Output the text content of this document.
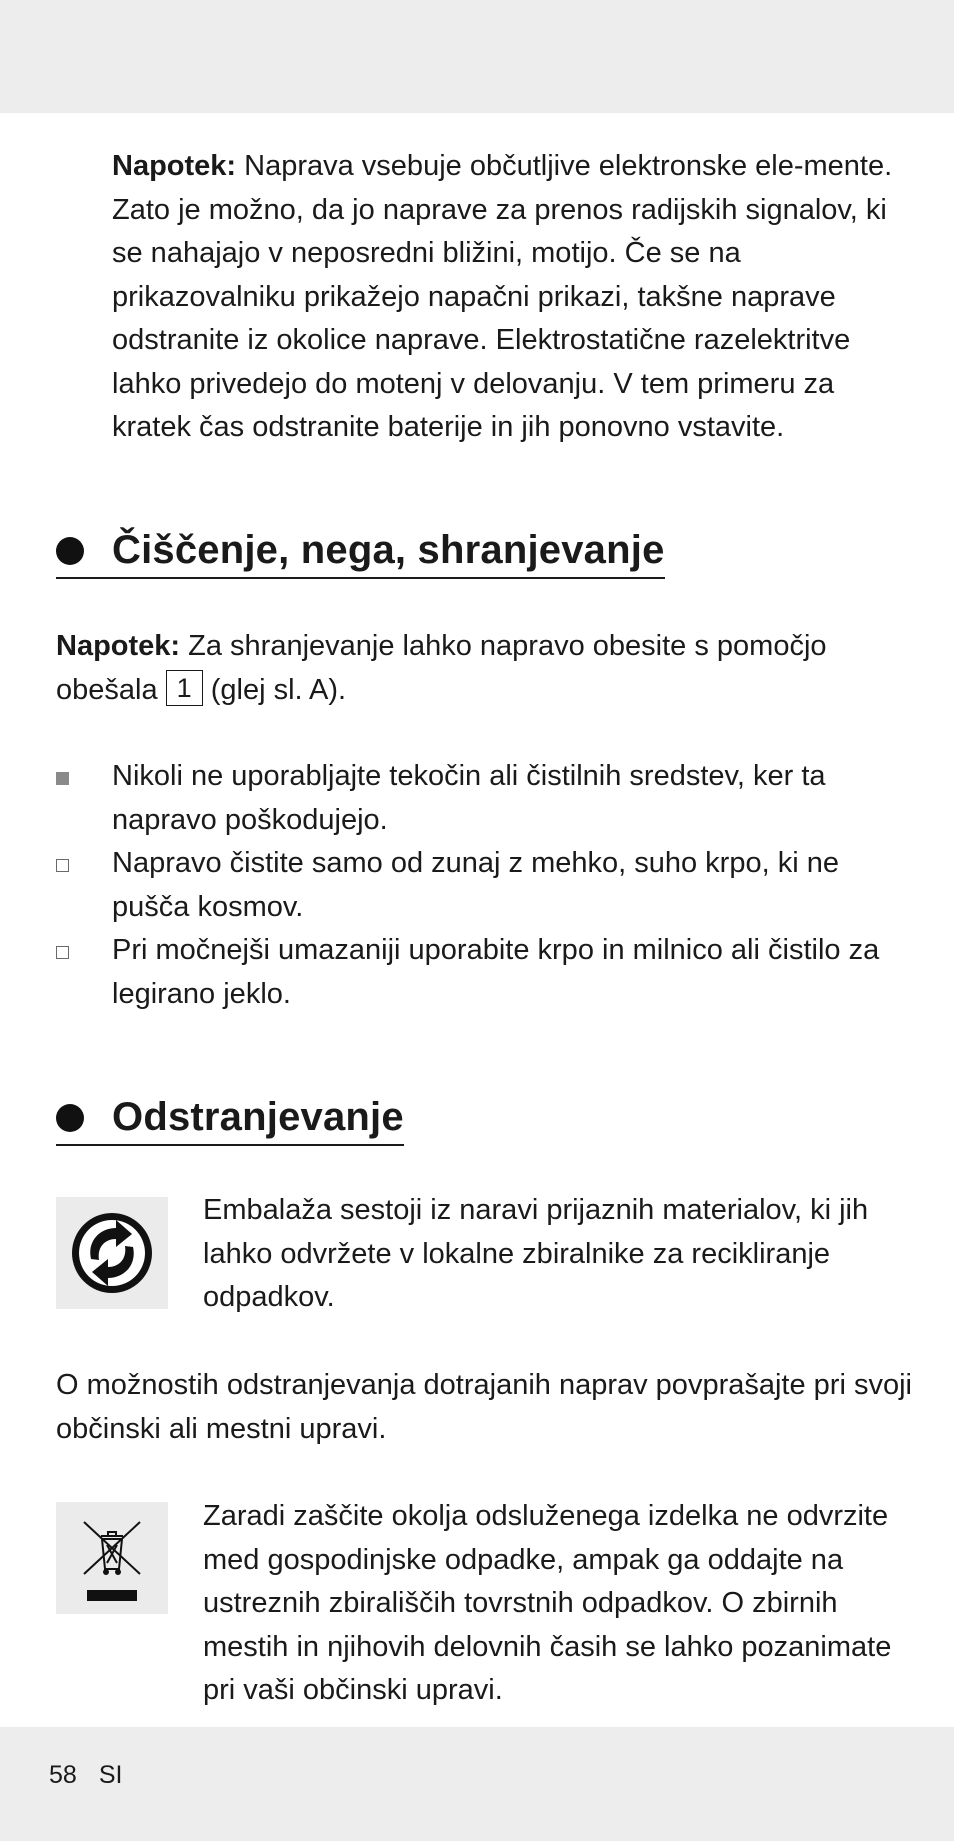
Napotek: Naprava vsebuje občutljive elektronske ele-mente. Zato je možno, da jo naprave za prenos radijskih signalov, ki se nahajajo v neposredni bližini, motijo. Če se na prikazovalniku prikažejo napačni prikazi, takšne naprave odstranite iz okolice naprave. Elektrostatične razelektritve lahko privedejo do motenj v delovanju. V tem primeru za kratek čas odstranite baterije in jih ponovno vstavite.
Čiščenje, nega, shranjevanje
Napotek: Za shranjevanje lahko napravo obesite s pomočjo obešala 1 (glej sl. A).
Nikoli ne uporabljajte tekočin ali čistilnih sredstev, ker ta napravo poškodujejo.
Napravo čistite samo od zunaj z mehko, suho krpo, ki ne pušča kosmov.
Pri močnejši umazaniji uporabite krpo in milnico ali čistilo za legirano jeklo.
Odstranjevanje
Embalaža sestoji iz naravi prijaznih materialov, ki jih lahko odvržete v lokalne zbiralnike za recikliranje odpadkov.
O možnostih odstranjevanja dotrajanih naprav povprašajte pri svoji občinski ali mestni upravi.
Zaradi zaščite okolja odsluženega izdelka ne odvrzite med gospodinjske odpadke, ampak ga oddajte na ustreznih zbirališčih tovrstnih odpadkov. O zbirnih mestih in njihovih delovnih časih se lahko pozanimate pri vaši občinski upravi.
58 SI
